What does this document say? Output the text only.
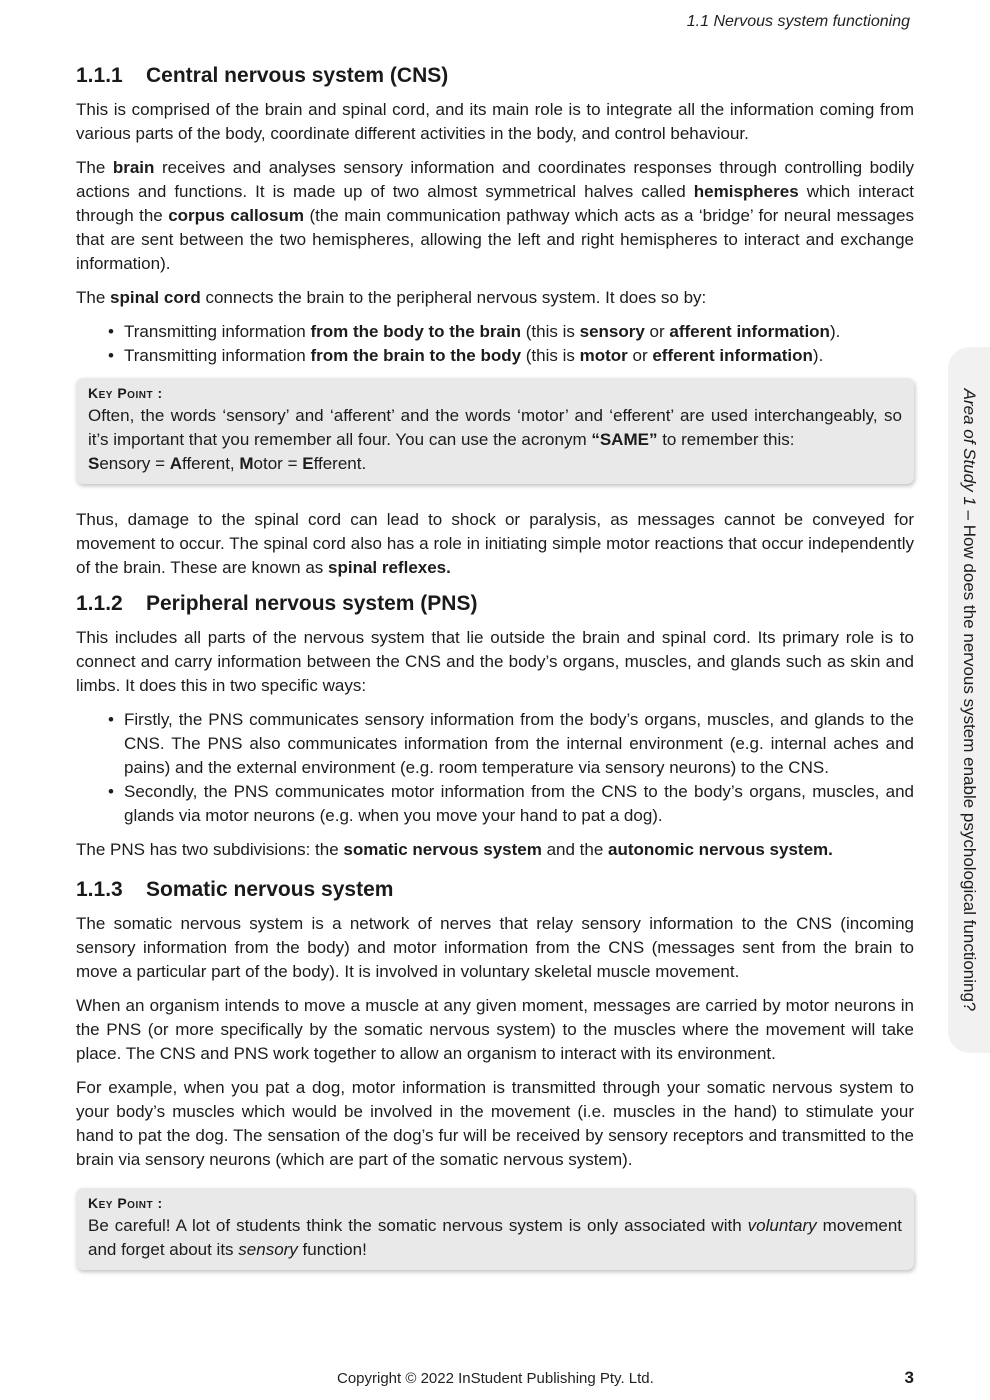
1.1 Nervous system functioning
Area of Study 1 – How does the nervous system enable psychological functioning?
1.1.1 Central nervous system (CNS)

This is comprised of the brain and spinal cord, and its main role is to integrate all the information coming from various parts of the body, coordinate different activities in the body, and control behaviour.

The brain receives and analyses sensory information and coordinates responses through controlling bodily actions and functions. It is made up of two almost symmetrical halves called hemispheres which interact through the corpus callosum (the main communication pathway which acts as a ‘bridge’ for neural messages that are sent between the two hemispheres, allowing the left and right hemispheres to interact and exchange information).

The spinal cord connects the brain to the peripheral nervous system. It does so by:

• Transmitting information from the body to the brain (this is sensory or afferent information).
• Transmitting information from the brain to the body (this is motor or efferent information).
Key Point :
Often, the words ‘sensory’ and ‘afferent’ and the words ‘motor’ and ‘efferent’ are used interchangeably, so it’s important that you remember all four. You can use the acronym “SAME” to remember this:
Sensory = Afferent, Motor = Efferent.

Thus, damage to the spinal cord can lead to shock or paralysis, as messages cannot be conveyed for movement to occur. The spinal cord also has a role in initiating simple motor reactions that occur independently of the brain. These are known as spinal reflexes.

1.1.2 Peripheral nervous system (PNS)

This includes all parts of the nervous system that lie outside the brain and spinal cord. Its primary role is to connect and carry information between the CNS and the body’s organs, muscles, and glands such as skin and limbs. It does this in two specific ways:

• Firstly, the PNS communicates sensory information from the body’s organs, muscles, and glands to the CNS. The PNS also communicates information from the internal environment (e.g. internal aches and pains) and the external environment (e.g. room temperature via sensory neurons) to the CNS.
• Secondly, the PNS communicates motor information from the CNS to the body’s organs, muscles, and glands via motor neurons (e.g. when you move your hand to pat a dog).

The PNS has two subdivisions: the somatic nervous system and the autonomic nervous system.

1.1.3 Somatic nervous system

The somatic nervous system is a network of nerves that relay sensory information to the CNS (incoming sensory information from the body) and motor information from the CNS (messages sent from the brain to move a particular part of the body). It is involved in voluntary skeletal muscle movement.

When an organism intends to move a muscle at any given moment, messages are carried by motor neurons in the PNS (or more specifically by the somatic nervous system) to the muscles where the movement will take place. The CNS and PNS work together to allow an organism to interact with its environment.

For example, when you pat a dog, motor information is transmitted through your somatic nervous system to your body’s muscles which would be involved in the movement (i.e. muscles in the hand) to stimulate your hand to pat the dog. The sensation of the dog’s fur will be received by sensory receptors and transmitted to the brain via sensory neurons (which are part of the somatic nervous system).

Key Point :
Be careful! A lot of students think the somatic nervous system is only associated with voluntary movement and forget about its sensory function!
Copyright © 2022 InStudent Publishing Pty. Ltd.	3
